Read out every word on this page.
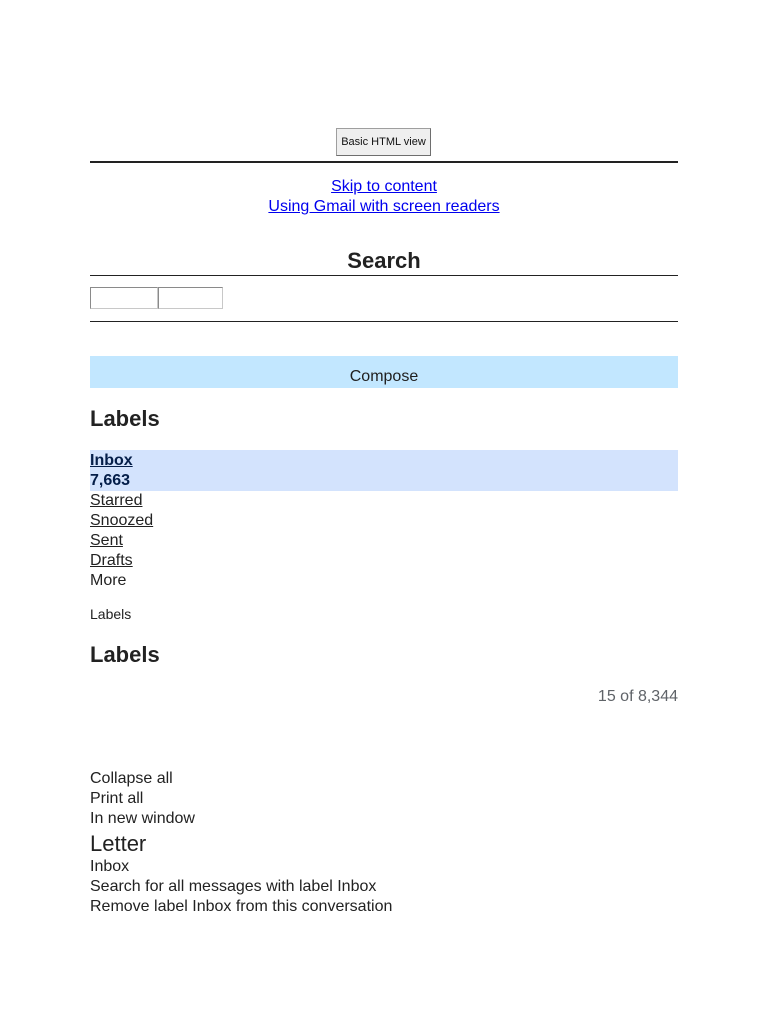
Basic HTML view
Skip to content
Using Gmail with screen readers
Search
Compose
Labels
Inbox
7,663
Starred
Snoozed
Sent
Drafts
More
Labels
Labels
15 of 8,344
Collapse all
Print all
In new window
Letter
Inbox
Search for all messages with label Inbox
Remove label Inbox from this conversation
